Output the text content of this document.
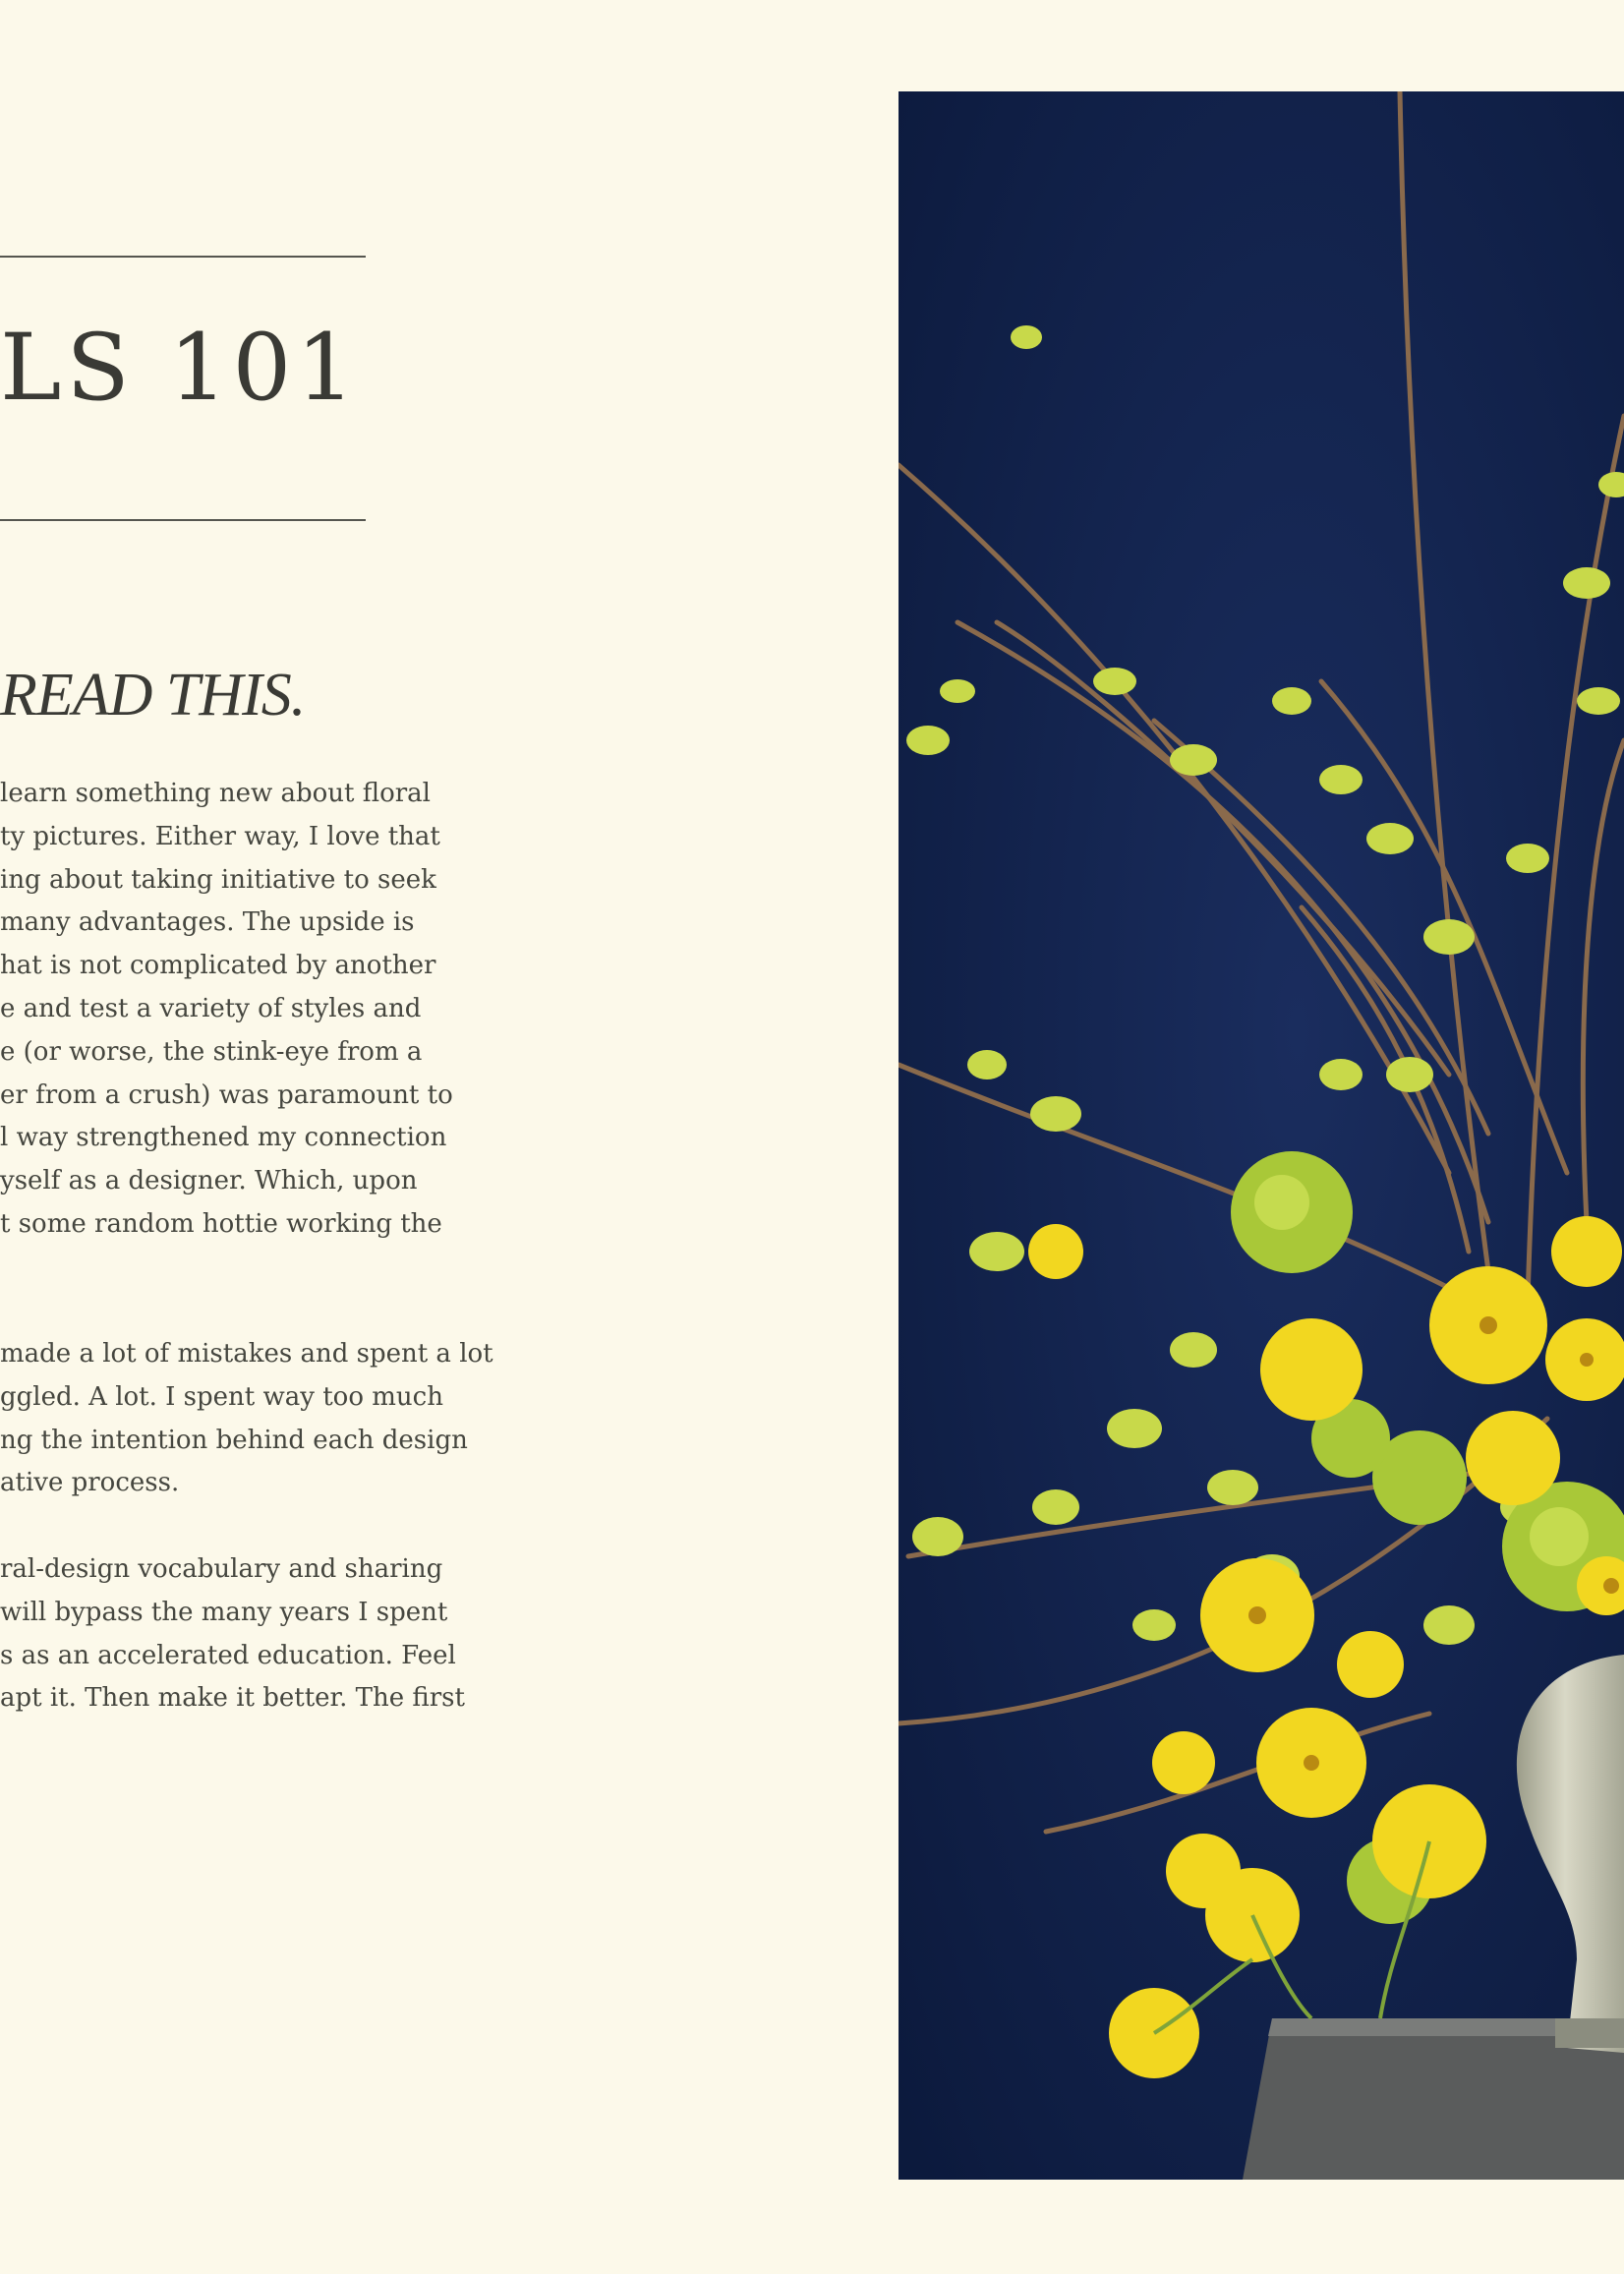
LS 101
READ THIS.
learn something new about floral
ty pictures. Either way, I love that
ing about taking initiative to seek
many advantages. The upside is
hat is not complicated by another
e and test a variety of styles and
e (or worse, the stink-eye from a
er from a crush) was paramount to
l way strengthened my connection
yself as a designer. Which, upon
t some random hottie working the
made a lot of mistakes and spent a lot
ggled. A lot. I spent way too much
ng the intention behind each design
ative process.
ral-design vocabulary and sharing
will bypass the many years I spent
s as an accelerated education. Feel
apt it. Then make it better. The first
